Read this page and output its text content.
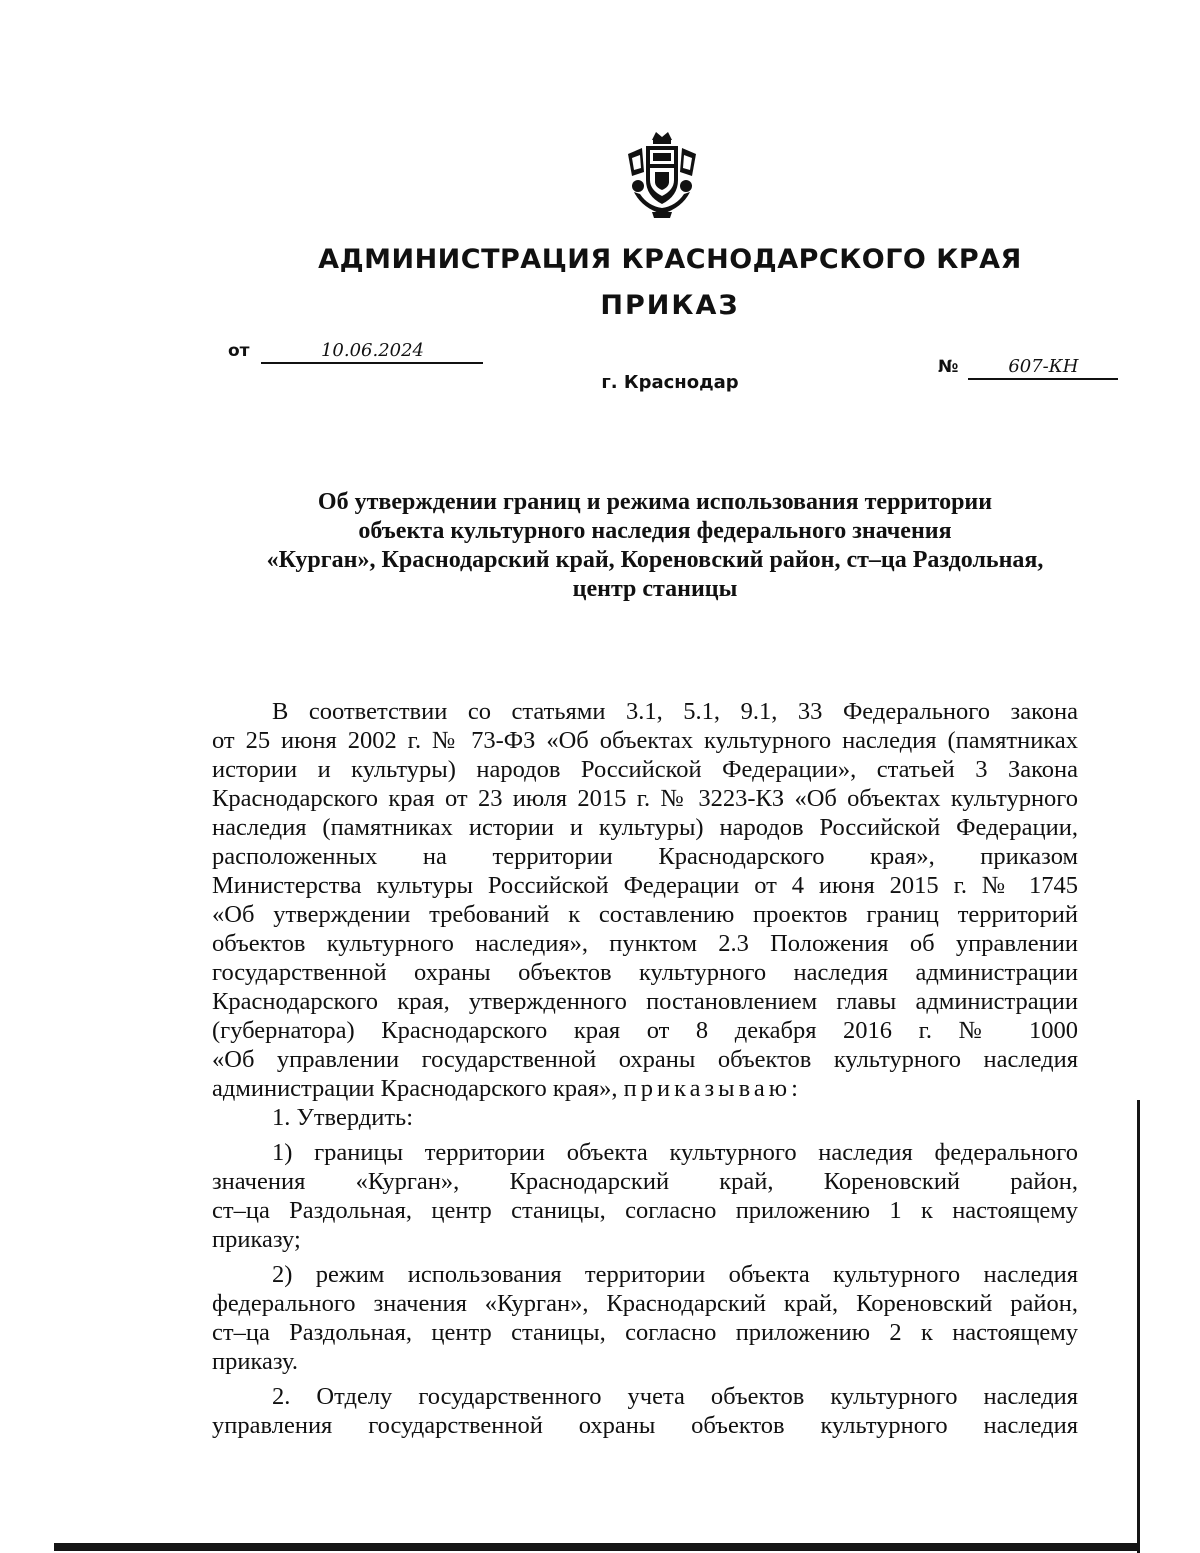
АДМИНИСТРАЦИЯ КРАСНОДАРСКОГО КРАЯ
ПРИКАЗ
от	10.06.2024
г. Краснодар
№	607-КН
Об утверждении границ и режима использования территории
объекта культурного наследия федерального значения
«Курган», Краснодарский край, Кореновский район, ст–ца Раздольная,
центр станицы
В соответствии со статьями 3.1, 5.1, 9.1, 33 Федерального закона
от 25 июня 2002 г. № 73-ФЗ «Об объектах культурного наследия (памятниках
истории и культуры) народов Российской Федерации», статьей 3 Закона
Краснодарского края от 23 июля 2015 г. № 3223-КЗ «Об объектах культурного
наследия (памятниках истории и культуры) народов Российской Федерации,
расположенных на территории Краснодарского края», приказом
Министерства культуры Российской Федерации от 4 июня 2015 г. № 1745
«Об утверждении требований к составлению проектов границ территорий
объектов культурного наследия», пунктом 2.3 Положения об управлении
государственной охраны объектов культурного наследия администрации
Краснодарского края, утвержденного постановлением главы администрации
(губернатора) Краснодарского края от 8 декабря 2016 г. № 1000
«Об управлении государственной охраны объектов культурного наследия
администрации Краснодарского края», приказываю:
1. Утвердить:
1) границы территории объекта культурного наследия федерального
значения «Курган», Краснодарский край, Кореновский район,
ст–ца Раздольная, центр станицы, согласно приложению 1 к настоящему
приказу;
2) режим использования территории объекта культурного наследия
федерального значения «Курган», Краснодарский край, Кореновский район,
ст–ца Раздольная, центр станицы, согласно приложению 2 к настоящему
приказу.
2. Отделу государственного учета объектов культурного наследия
управления государственной охраны объектов культурного наследия
